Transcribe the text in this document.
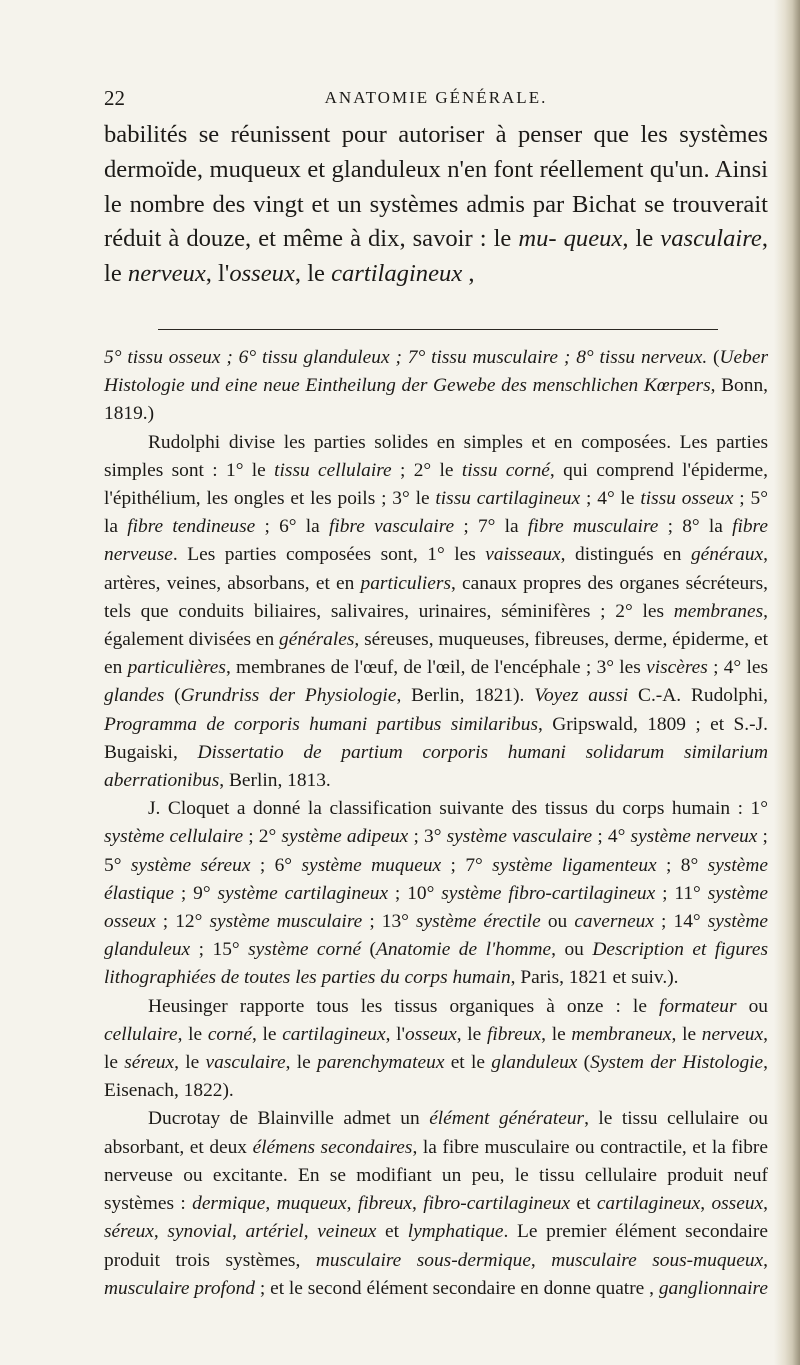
22	ANATOMIE GÉNÉRALE.
babilités se réunissent pour autoriser à penser que les systèmes dermoïde, muqueux et glanduleux n'en font réellement qu'un. Ainsi le nombre des vingt et un systèmes admis par Bichat se trouverait réduit à douze, et même à dix, savoir : le mu- queux, le vasculaire, le nerveux, l'osseux, le cartilagineux ,

5° tissu osseux ; 6° tissu glanduleux ; 7° tissu musculaire ; 8° tissu nerveux. (Ueber Histologie und eine neue Eintheilung der Gewebe des menschlichen Kœrpers, Bonn, 1819.)

Rudolphi divise les parties solides en simples et en composées. Les parties simples sont : 1° le tissu cellulaire ; 2° le tissu corné, qui comprend l'épiderme, l'épithélium, les ongles et les poils ; 3° le tissu cartilagineux ; 4° le tissu osseux ; 5° la fibre tendineuse ; 6° la fibre vasculaire ; 7° la fibre musculaire ; 8° la fibre nerveuse. Les parties composées sont, 1° les vaisseaux, distingués en généraux, artères, veines, absorbans, et en particuliers, canaux propres des organes sécréteurs, tels que conduits biliaires, salivaires, urinaires, séminifères ; 2° les membranes, également divisées en générales, séreuses, muqueuses, fibreuses, derme, épiderme, et en particulières, membranes de l'œuf, de l'œil, de l'encéphale ; 3° les viscères ; 4° les glandes (Grundriss der Physiologie, Berlin, 1821). Voyez aussi C.-A. Rudolphi, Programma de corporis humani partibus similaribus, Gripswald, 1809 ; et S.-J. Bugaiski, Dissertatio de partium corporis humani solidarum similarium aberrationibus, Berlin, 1813.

J. Cloquet a donné la classification suivante des tissus du corps humain : 1° système cellulaire ; 2° système adipeux ; 3° système vasculaire ; 4° système nerveux ; 5° système séreux ; 6° système muqueux ; 7° système ligamenteux ; 8° système élastique ; 9° système cartilagineux ; 10° système fibro-cartilagineux ; 11° système osseux ; 12° système musculaire ; 13° système érectile ou caverneux ; 14° système glanduleux ; 15° système corné (Anatomie de l'homme, ou Description et figures lithographiées de toutes les parties du corps humain, Paris, 1821 et suiv.).

Heusinger rapporte tous les tissus organiques à onze : le formateur ou cellulaire, le corné, le cartilagineux, l'osseux, le fibreux, le membraneux, le nerveux, le séreux, le vasculaire, le parenchymateux et le glanduleux (System der Histologie, Eisenach, 1822).

Ducrotay de Blainville admet un élément générateur, le tissu cellulaire ou absorbant, et deux élémens secondaires, la fibre musculaire ou contractile, et la fibre nerveuse ou excitante. En se modifiant un peu, le tissu cellulaire produit neuf systèmes : dermique, muqueux, fibreux, fibro-cartilagineux et cartilagineux, osseux, séreux, synovial, artériel, veineux et lymphatique. Le premier élément secondaire produit trois systèmes, musculaire sous-dermique, musculaire sous-muqueux, musculaire profond ; et le second élément secondaire en donne quatre , ganglionnaire
